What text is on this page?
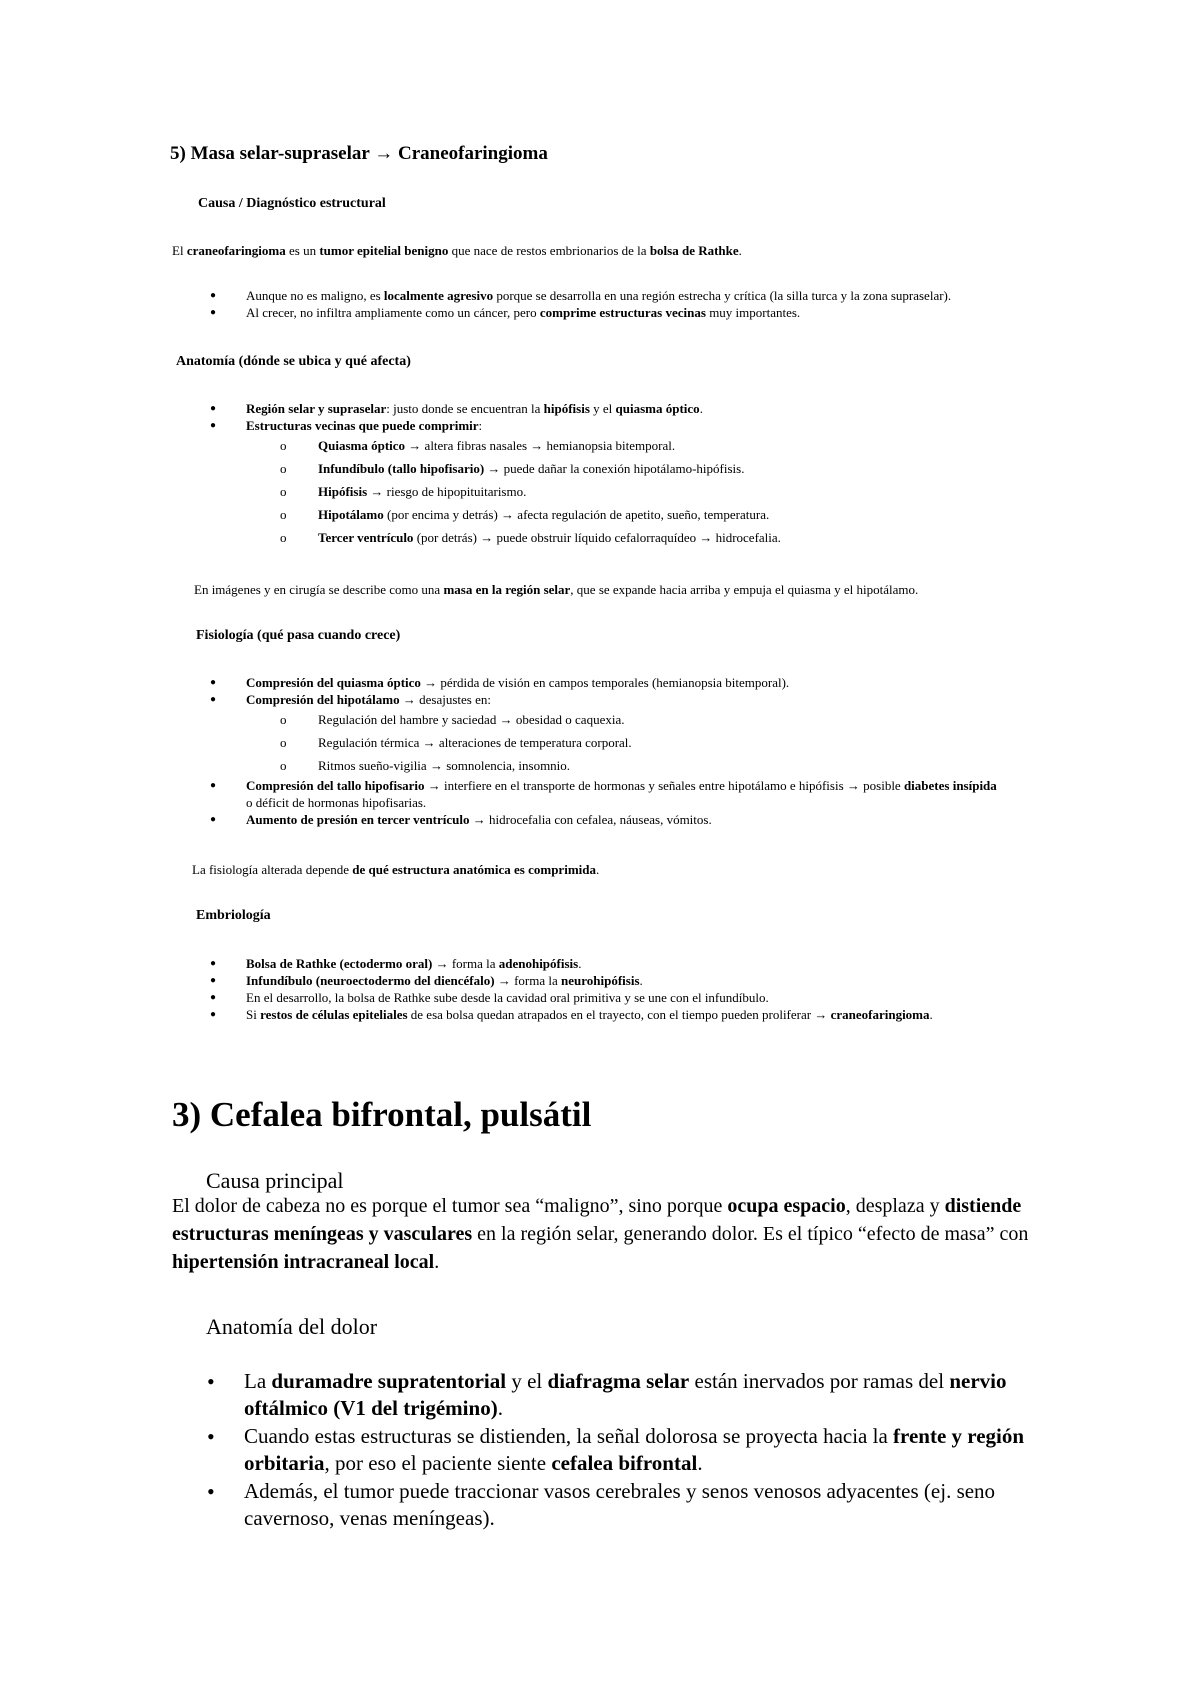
5) Masa selar-supraselar → Craneofaringioma
Causa / Diagnóstico estructural
El craneofaringioma es un tumor epitelial benigno que nace de restos embrionarios de la bolsa de Rathke.
● Aunque no es maligno, es localmente agresivo porque se desarrolla en una región estrecha y crítica (la silla turca y la zona supraselar).
● Al crecer, no infiltra ampliamente como un cáncer, pero comprime estructuras vecinas muy importantes.
Anatomía (dónde se ubica y qué afecta)
● Región selar y supraselar: justo donde se encuentran la hipófisis y el quiasma óptico.
● Estructuras vecinas que puede comprimir:
o Quiasma óptico → altera fibras nasales → hemianopsia bitemporal.
o Infundíbulo (tallo hipofisario) → puede dañar la conexión hipotálamo-hipófisis.
o Hipófisis → riesgo de hipopituitarismo.
o Hipotálamo (por encima y detrás) → afecta regulación de apetito, sueño, temperatura.
o Tercer ventrículo (por detrás) → puede obstruir líquido cefalorraquídeo → hidrocefalia.
En imágenes y en cirugía se describe como una masa en la región selar, que se expande hacia arriba y empuja el quiasma y el hipotálamo.
Fisiología (qué pasa cuando crece)
● Compresión del quiasma óptico → pérdida de visión en campos temporales (hemianopsia bitemporal).
● Compresión del hipotálamo → desajustes en:
o Regulación del hambre y saciedad → obesidad o caquexia.
o Regulación térmica → alteraciones de temperatura corporal.
o Ritmos sueño-vigilia → somnolencia, insomnio.
● Compresión del tallo hipofisario → interfiere en el transporte de hormonas y señales entre hipotálamo e hipófisis → posible diabetes insípida o déficit de hormonas hipofisarias.
● Aumento de presión en tercer ventrículo → hidrocefalia con cefalea, náuseas, vómitos.
La fisiología alterada depende de qué estructura anatómica es comprimida.
Embriología
● Bolsa de Rathke (ectodermo oral) → forma la adenohipófisis.
● Infundíbulo (neuroectodermo del diencéfalo) → forma la neurohipófisis.
● En el desarrollo, la bolsa de Rathke sube desde la cavidad oral primitiva y se une con el infundíbulo.
● Si restos de células epiteliales de esa bolsa quedan atrapados en el trayecto, con el tiempo pueden proliferar → craneofaringioma.
3) Cefalea bifrontal, pulsátil
Causa principal
El dolor de cabeza no es porque el tumor sea “maligno”, sino porque ocupa espacio, desplaza y distiende estructuras meníngeas y vasculares en la región selar, generando dolor. Es el típico “efecto de masa” con hipertensión intracraneal local.
Anatomía del dolor
• La duramadre supratentorial y el diafragma selar están inervados por ramas del nervio oftálmico (V1 del trigémino).
• Cuando estas estructuras se distienden, la señal dolorosa se proyecta hacia la frente y región orbitaria, por eso el paciente siente cefalea bifrontal.
• Además, el tumor puede traccionar vasos cerebrales y senos venosos adyacentes (ej. seno cavernoso, venas meníngeas).
